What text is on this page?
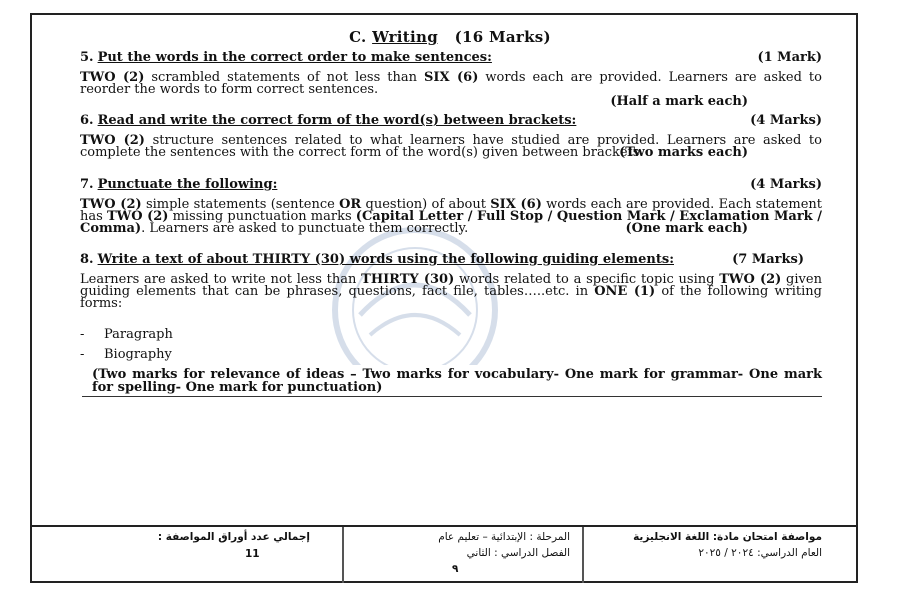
C. Writing (16 Marks)
5. Put the words in the correct order to make sentences:	(1 Mark)
TWO (2) scrambled statements of not less than SIX (6) words each are provided. Learners are asked to reorder the words to form correct sentences.
(Half a mark each)
6. Read and write the correct form of the word(s) between brackets:	(4 Marks)
TWO (2) structure sentences related to what learners have studied are provided. Learners are asked to complete the sentences with the correct form of the word(s) given between brackets.
(Two marks each)
7. Punctuate the following:	(4 Marks)
TWO (2) simple statements (sentence OR question) of about SIX (6) words each are provided. Each statement has TWO (2) missing punctuation marks (Capital Letter / Full Stop / Question Mark / Exclamation Mark / Comma). Learners are asked to punctuate them correctly.	(One mark each)
8. Write a text of about THIRTY (30) words using the following guiding elements:	(7 Marks)
Learners are asked to write not less than THIRTY (30) words related to a specific topic using TWO (2) given guiding elements that can be phrases, questions, fact file, tables…..etc. in ONE (1) of the following writing forms:
- Paragraph
- Biography
(Two marks for relevance of ideas – Two marks for vocabulary- One mark for grammar- One mark for spelling- One mark for punctuation)
إجمالي عدد أوراق المواصفة :
11
المرحلة : الإبتدائية – تعليم عام
الفصل الدراسي : الثاني
٩
مواصفة امتحان مادة: اللغة الانجليزية
العام الدراسي: ٢٠٢٤ / ٢٠٢٥
